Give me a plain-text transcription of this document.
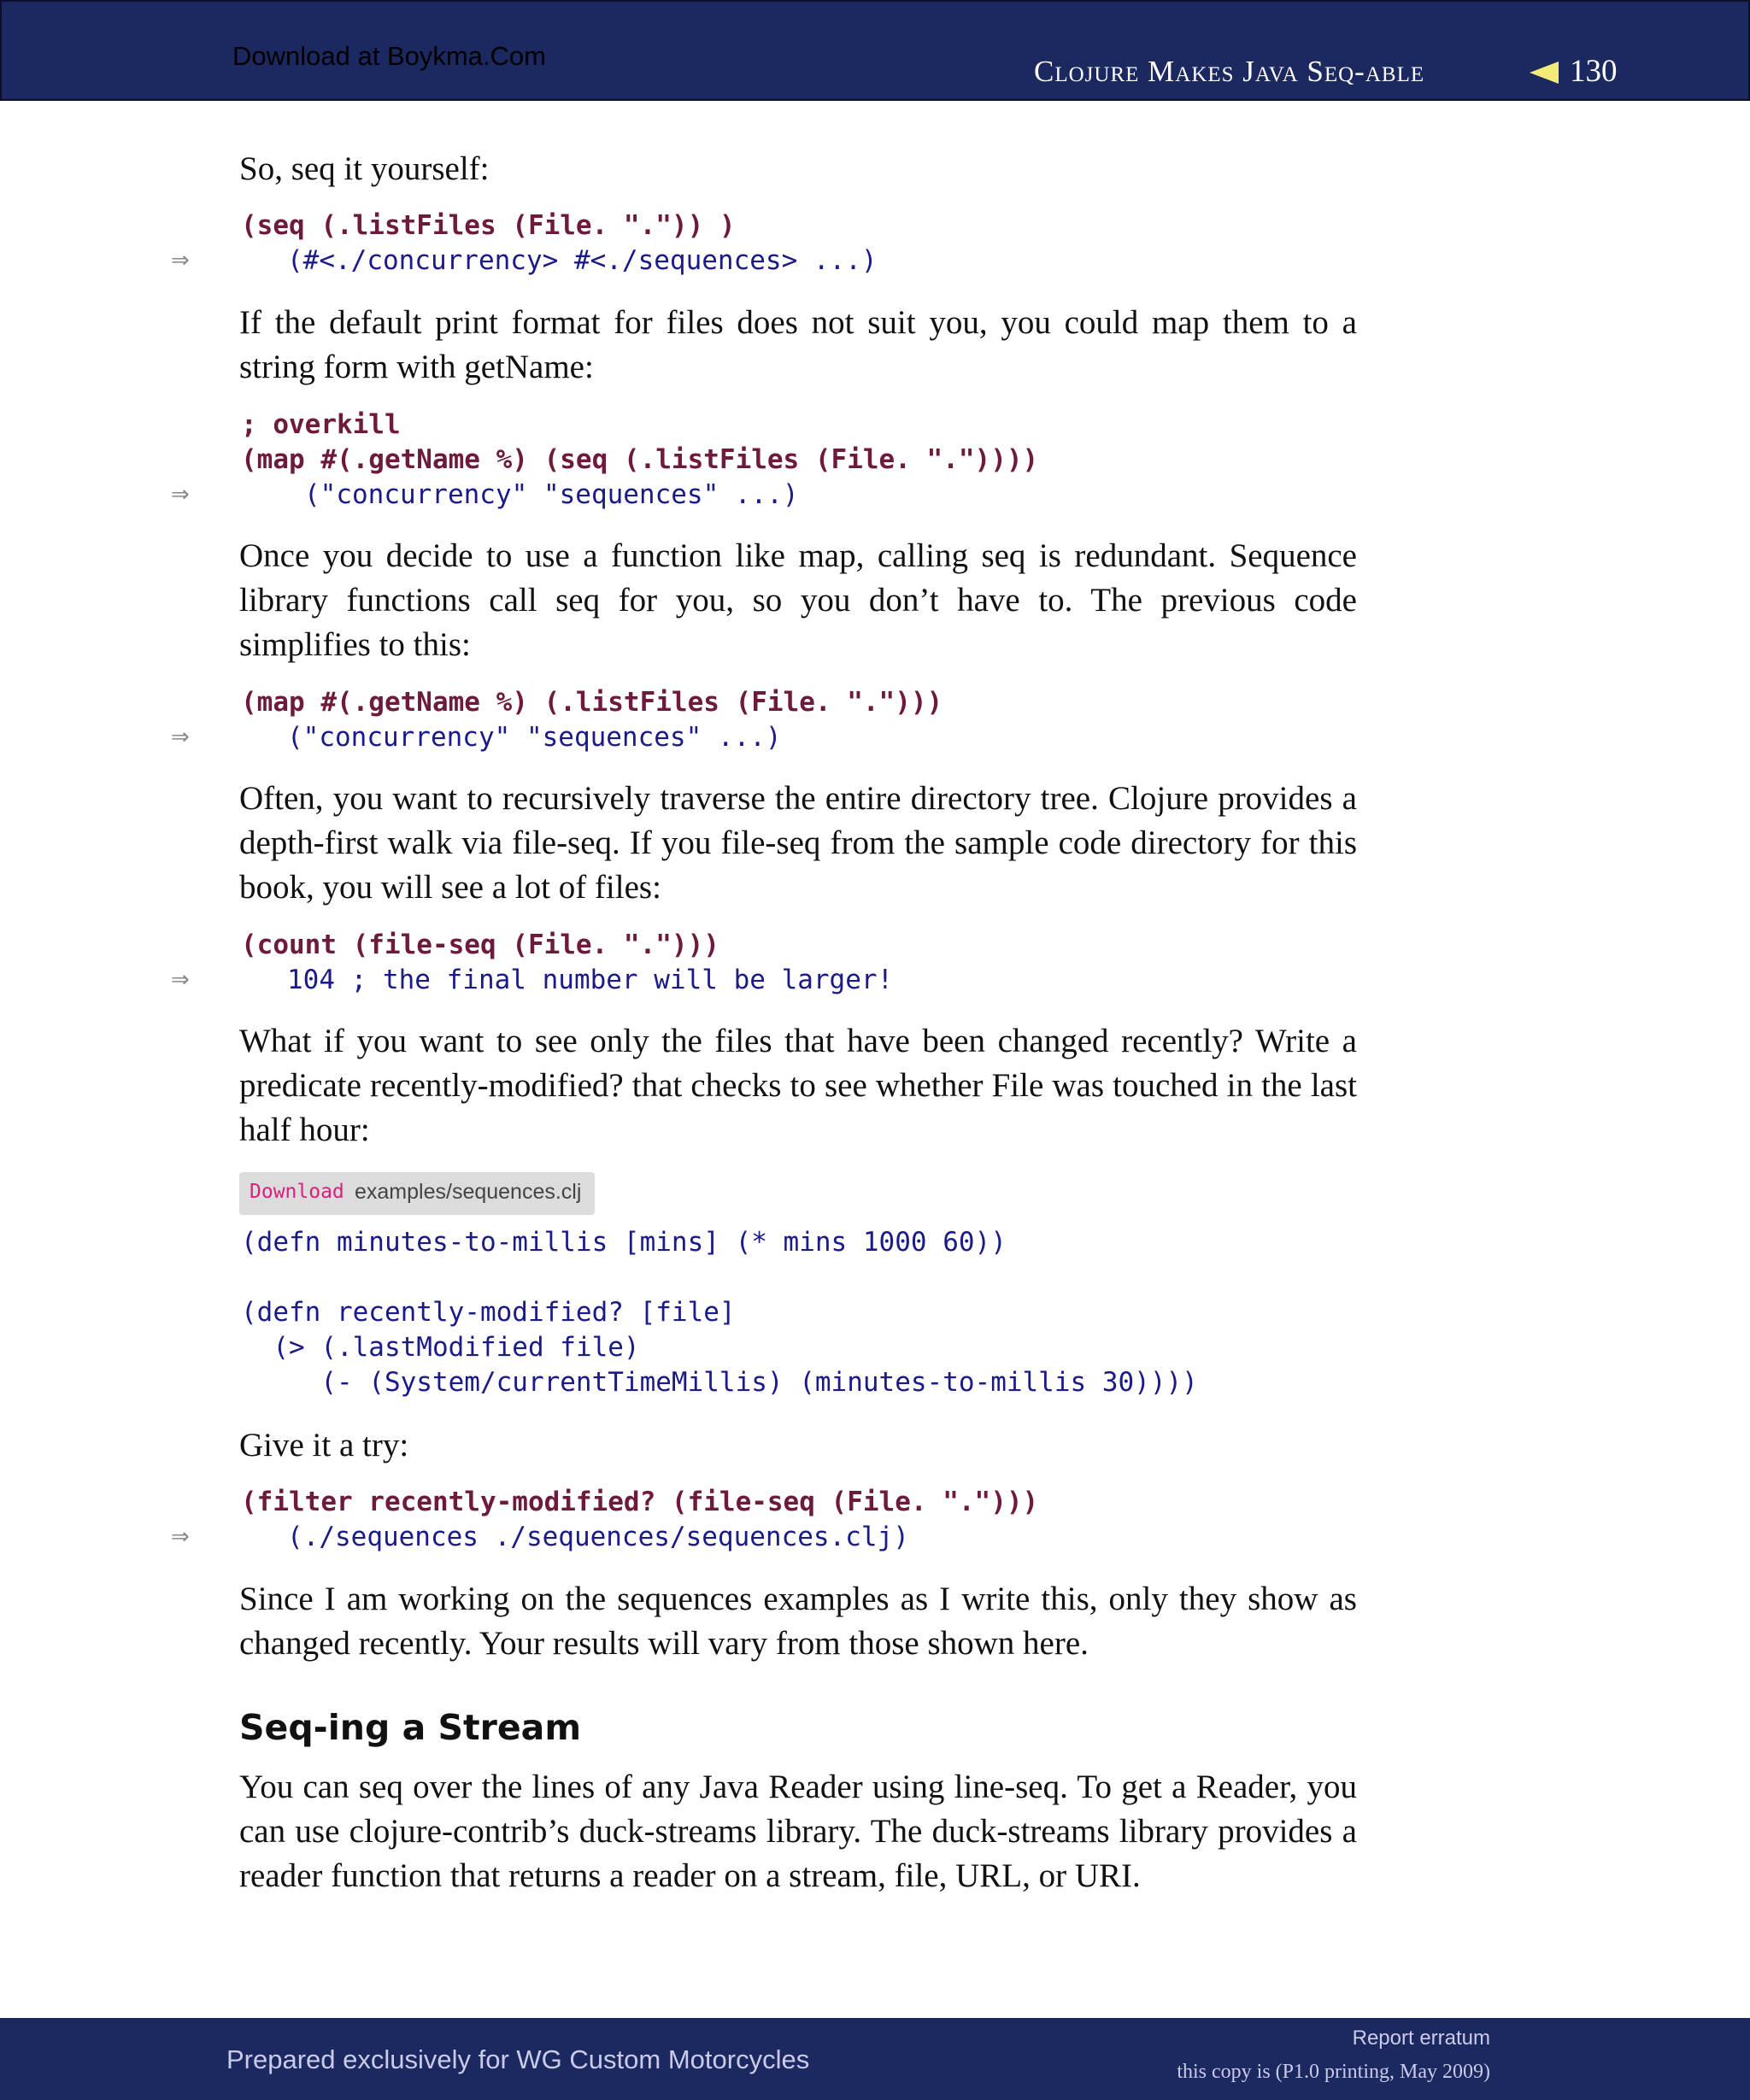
Download at Boykma.Com	Clojure Makes Java Seq-able	130

So, seq it yourself:

(seq (.listFiles (File. ".")) )
⇒	(#<./concurrency> #<./sequences> ...)

If the default print format for files does not suit you, you could map them to a string form with getName:

; overkill
(map #(.getName %) (seq (.listFiles (File. "."))))
⇒	("concurrency" "sequences" ...)

Once you decide to use a function like map, calling seq is redundant. Sequence library functions call seq for you, so you don’t have to. The previous code simplifies to this:

(map #(.getName %) (.listFiles (File. ".")))
⇒	("concurrency" "sequences" ...)

Often, you want to recursively traverse the entire directory tree. Clojure provides a depth-first walk via file-seq. If you file-seq from the sample code directory for this book, you will see a lot of files:

(count (file-seq (File. ".")))
⇒	104 ; the final number will be larger!

What if you want to see only the files that have been changed recently? Write a predicate recently-modified? that checks to see whether File was touched in the last half hour:

Download examples/sequences.clj
(defn minutes-to-millis [mins] (* mins 1000 60))
(defn recently-modified? [file]
(> (.lastModified file)
(- (System/currentTimeMillis) (minutes-to-millis 30))))

Give it a try:

(filter recently-modified? (file-seq (File. ".")))
⇒	(./sequences ./sequences/sequences.clj)

Since I am working on the sequences examples as I write this, only they show as changed recently. Your results will vary from those shown here.

Seq-ing a Stream

You can seq over the lines of any Java Reader using line-seq. To get a Reader, you can use clojure-contrib’s duck-streams library. The duck-streams library provides a reader function that returns a reader on a stream, file, URL, or URI.

Prepared exclusively for WG Custom Motorcycles
Report erratum
this copy is (P1.0 printing, May 2009)
